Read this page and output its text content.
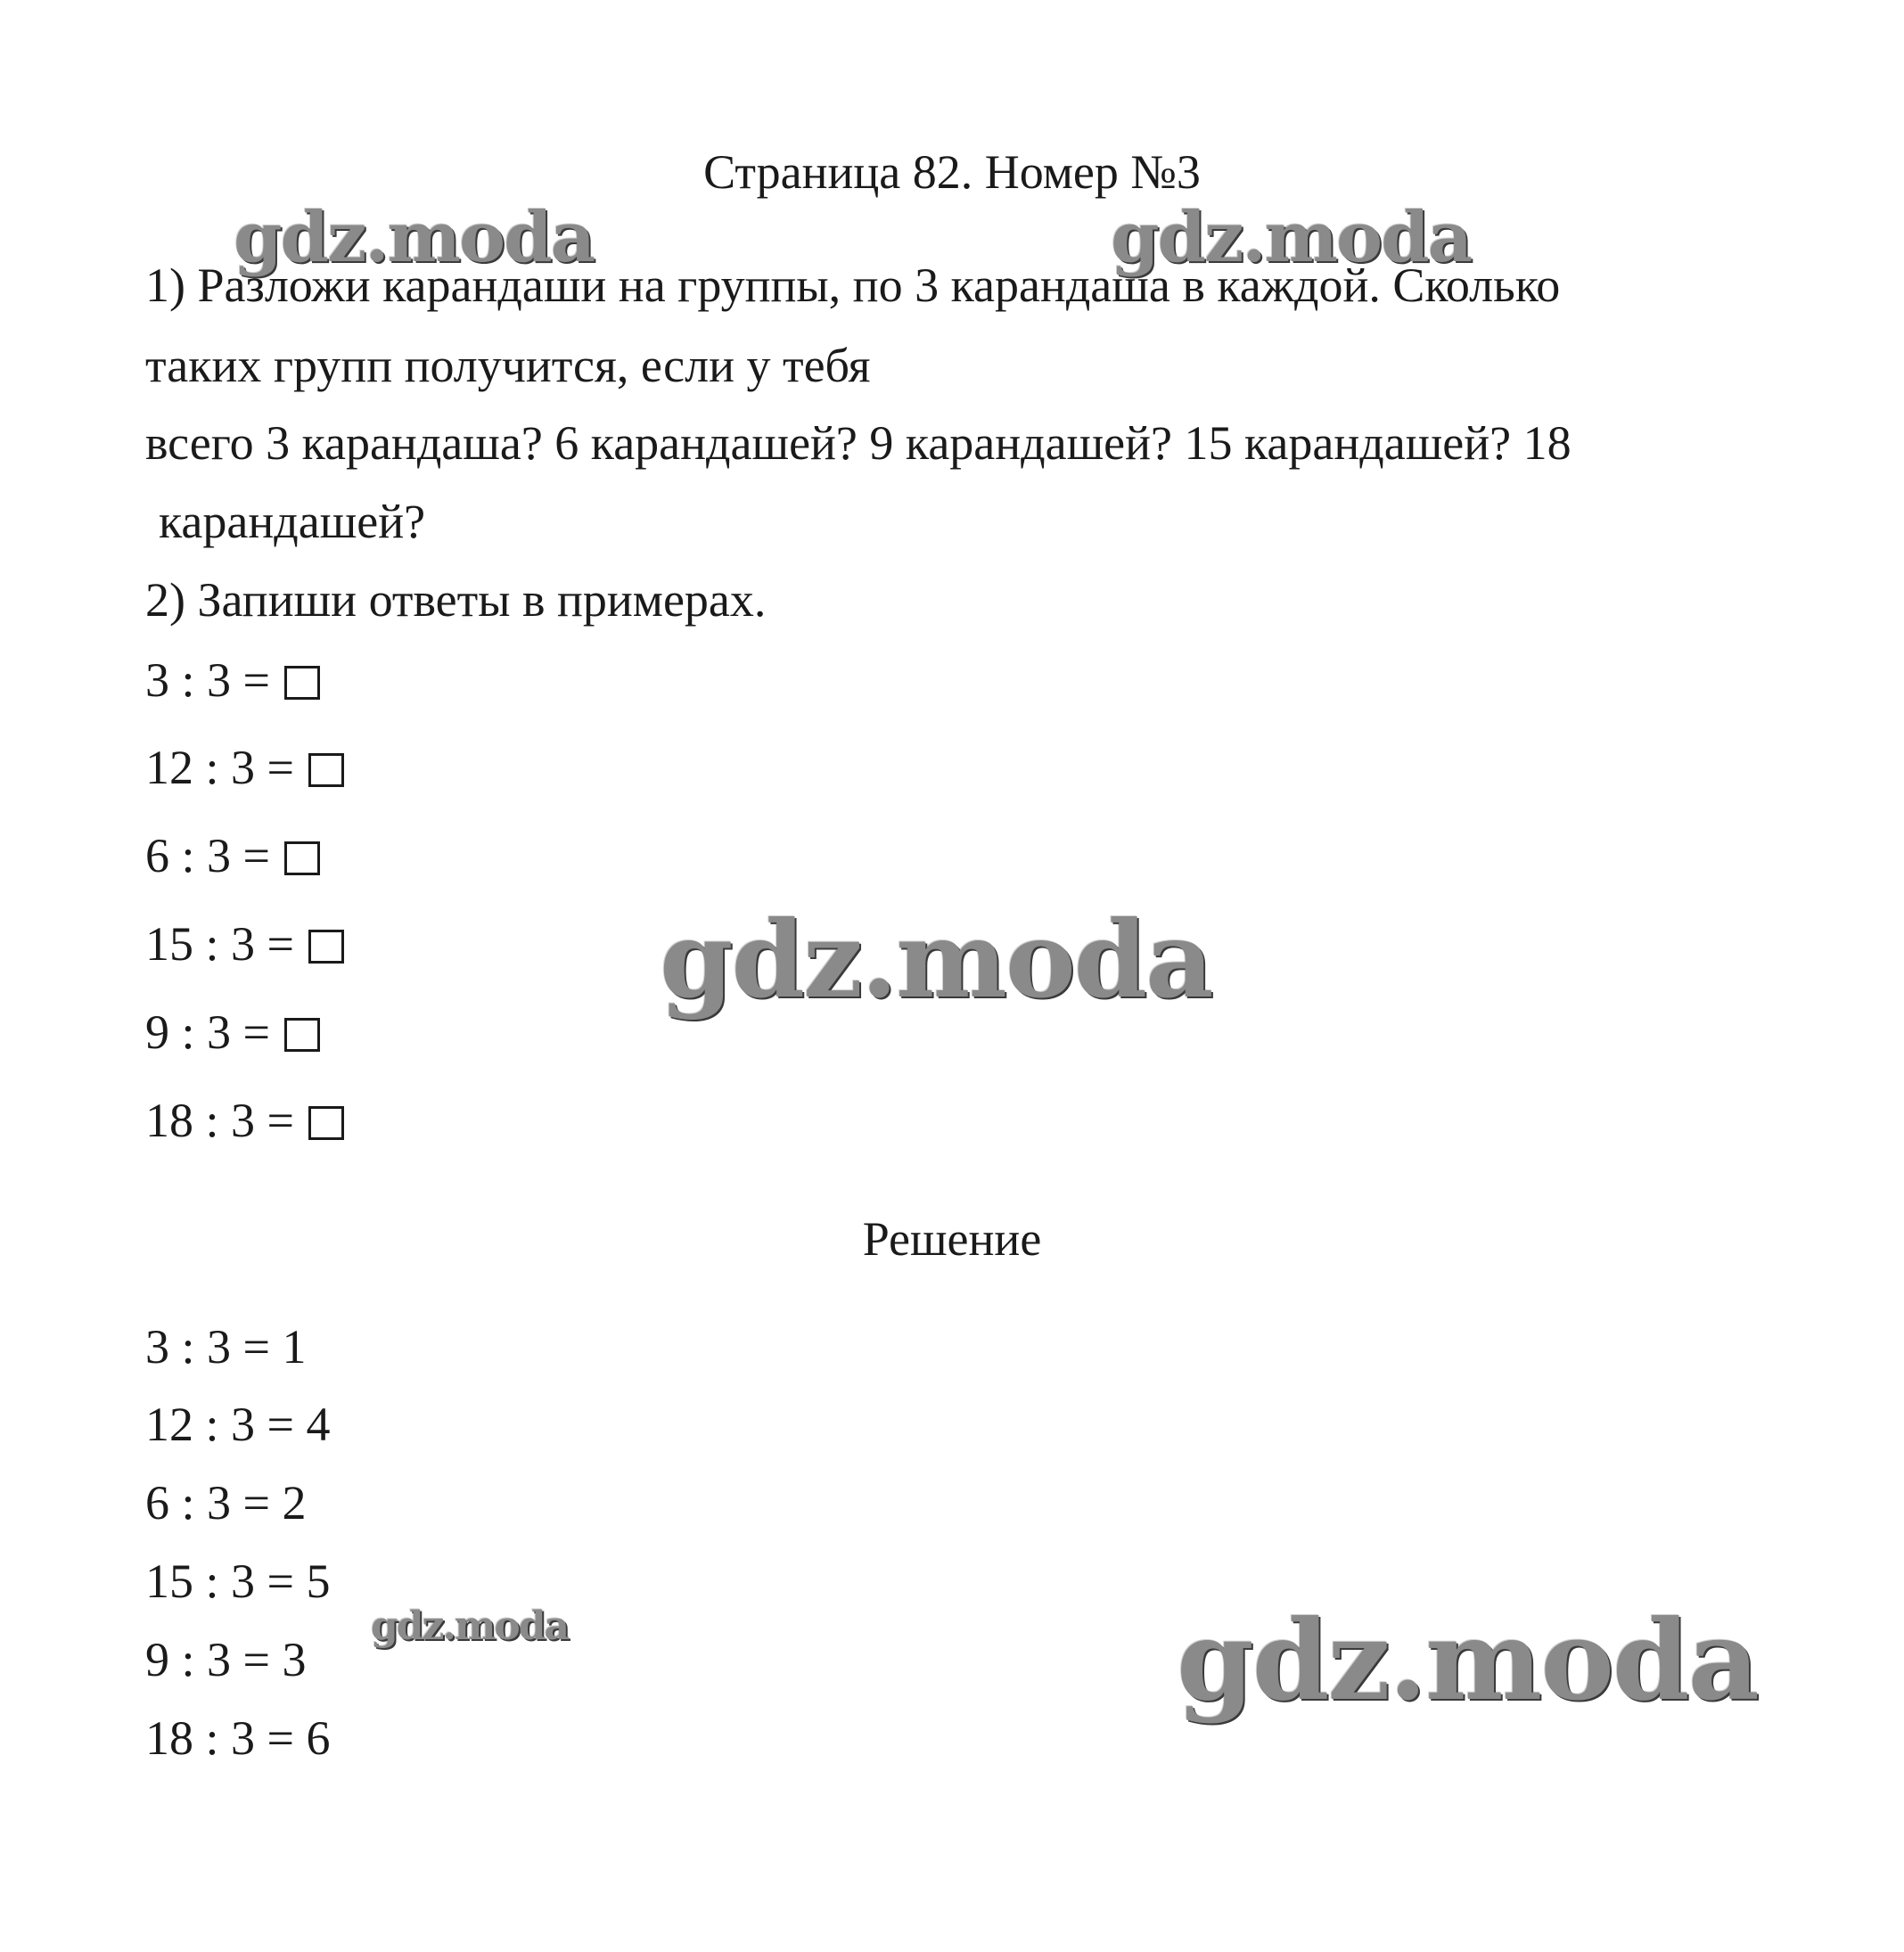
Страница 82. Номер №3
1) Разложи карандаши на группы, по 3 карандаша в каждой. Сколько
таких групп получится, если у тебя
всего 3 карандаша? 6 карандашей? 9 карандашей? 15 карандашей? 18
карандашей?
2) Запиши ответы в примерах.
3 : 3 =
12 : 3 =
6 : 3 =
15 : 3 =
9 : 3 =
18 : 3 =
Решение
3 : 3 = 1
12 : 3 = 4
6 : 3 = 2
15 : 3 = 5
9 : 3 = 3
18 : 3 = 6
gdz.moda	gdz.moda
gdz.moda
gdz.moda	gdz.moda
